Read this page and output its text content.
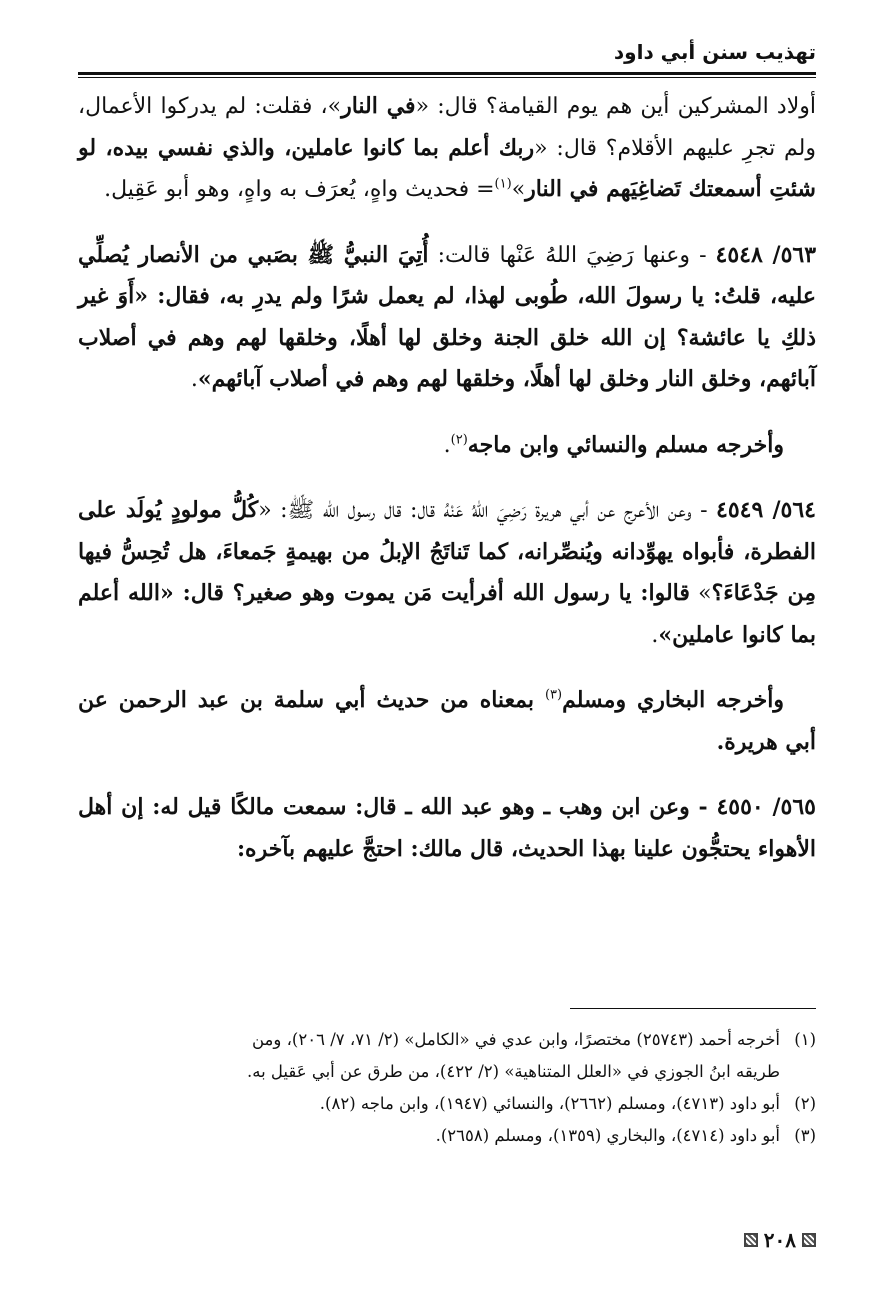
تهذيب سنن أبي داود

أولاد المشركين أين هم يوم القيامة؟ قال: «في النار»، فقلت: لم يدركوا الأعمال، ولم تجرِ عليهم الأقلام؟ قال: «ربك أعلم بما كانوا عاملين، والذي نفسي بيده، لو شئتِ أسمعتك تَضاغِيَهم في النار»$^{(١)}$= فحديث واهٍ، يُعرَف به واهٍ، وهو أبو عَقِيل.

٥٦٣/ ٤٥٤٨ - وعنها رَضِيَ اللهُ عَنْها قالت: أُتِيَ النبيُّ ﷺ بصَبي من الأنصار يُصلِّي عليه، قلتُ: يا رسولَ الله، طُوبى لهذا، لم يعمل شرًا ولم يدرِ به، فقال: «أَوَ غير ذلكِ يا عائشة؟ إن الله خلق الجنة وخلق لها أهلًا، وخلقها لهم وهم في أصلاب آبائهم، وخلق النار وخلق لها أهلًا، وخلقها لهم وهم في أصلاب آبائهم».

وأخرجه مسلم والنسائي وابن ماجه$^{(٢)}$.

٥٦٤/ ٤٥٤٩ - وعن الأعرج عن أبي هريرة رَضِيَ اللهُ عَنْهُ قال: قال رسول الله ﷺ: «كُلُّ مولودٍ يُولَد على الفطرة، فأبواه يهوِّدانه ويُنصِّرانه، كما تَناتَجُ الإبلُ من بهيمةٍ جَمعاءَ، هل تُحِسُّ فيها مِن جَدْعَاءَ؟» قالوا: يا رسول الله أفرأيت مَن يموت وهو صغير؟ قال: «الله أعلم بما كانوا عاملين».

وأخرجه البخاري ومسلم$^{(٣)}$ بمعناه من حديث أبي سلمة بن عبد الرحمن عن أبي هريرة.

٥٦٥/ ٤٥٥٠ - وعن ابن وهب ـ وهو عبد الله ـ قال: سمعت مالكًا قيل له: إن أهل الأهواء يحتجُّون علينا بهذا الحديث، قال مالك: احتجَّ عليهم بآخره:

(١)أخرجه أحمد (٢٥٧٤٣) مختصرًا، وابن عدي في «الكامل» (٢/ ٧١، ٧/ ٢٠٦)، ومن
طريقه ابنُ الجوزي في «العلل المتناهية» (٢/ ٤٢٢)، من طرق عن أبي عَقيل به.
(٢)أبو داود (٤٧١٣)، ومسلم (٢٦٦٢)، والنسائي (١٩٤٧)، وابن ماجه (٨٢).
(٣)أبو داود (٤٧١٤)، والبخاري (١٣٥٩)، ومسلم (٢٦٥٨).
٢٠٨
